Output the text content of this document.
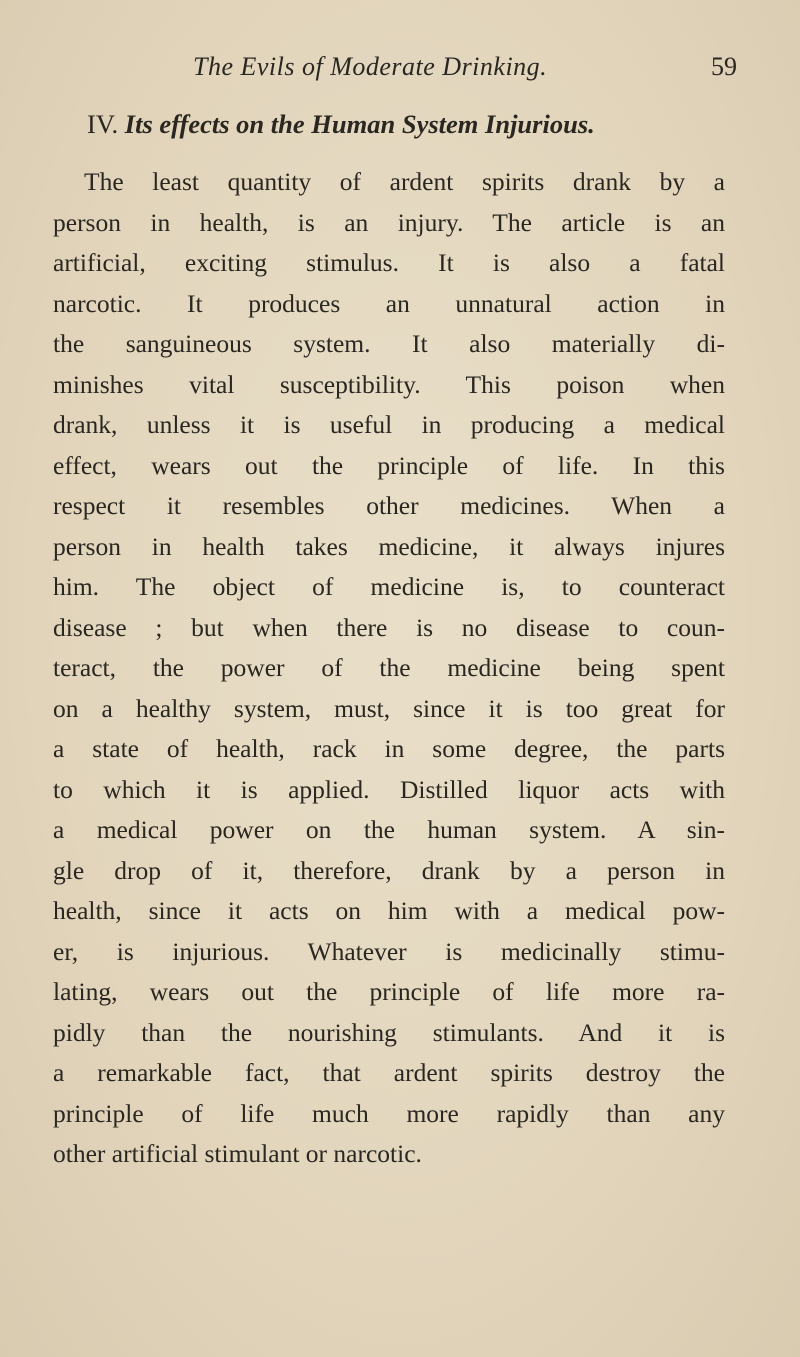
The Evils of Moderate Drinking.	59
IV. Its effects on the Human System Injurious.
The least quantity of ardent spirits drank by a
person in health, is an injury. The article is an
artificial, exciting stimulus. It is also a fatal
narcotic. It produces an unnatural action in
the sanguineous system. It also materially di-
minishes vital susceptibility. This poison when
drank, unless it is useful in producing a medical
effect, wears out the principle of life. In this
respect it resembles other medicines. When a
person in health takes medicine, it always injures
him. The object of medicine is, to counteract
disease ; but when there is no disease to coun-
teract, the power of the medicine being spent
on a healthy system, must, since it is too great for
a state of health, rack in some degree, the parts
to which it is applied. Distilled liquor acts with
a medical power on the human system. A sin-
gle drop of it, therefore, drank by a person in
health, since it acts on him with a medical pow-
er, is injurious. Whatever is medicinally stimu-
lating, wears out the principle of life more ra-
pidly than the nourishing stimulants. And it is
a remarkable fact, that ardent spirits destroy the
principle of life much more rapidly than any
other artificial stimulant or narcotic.
